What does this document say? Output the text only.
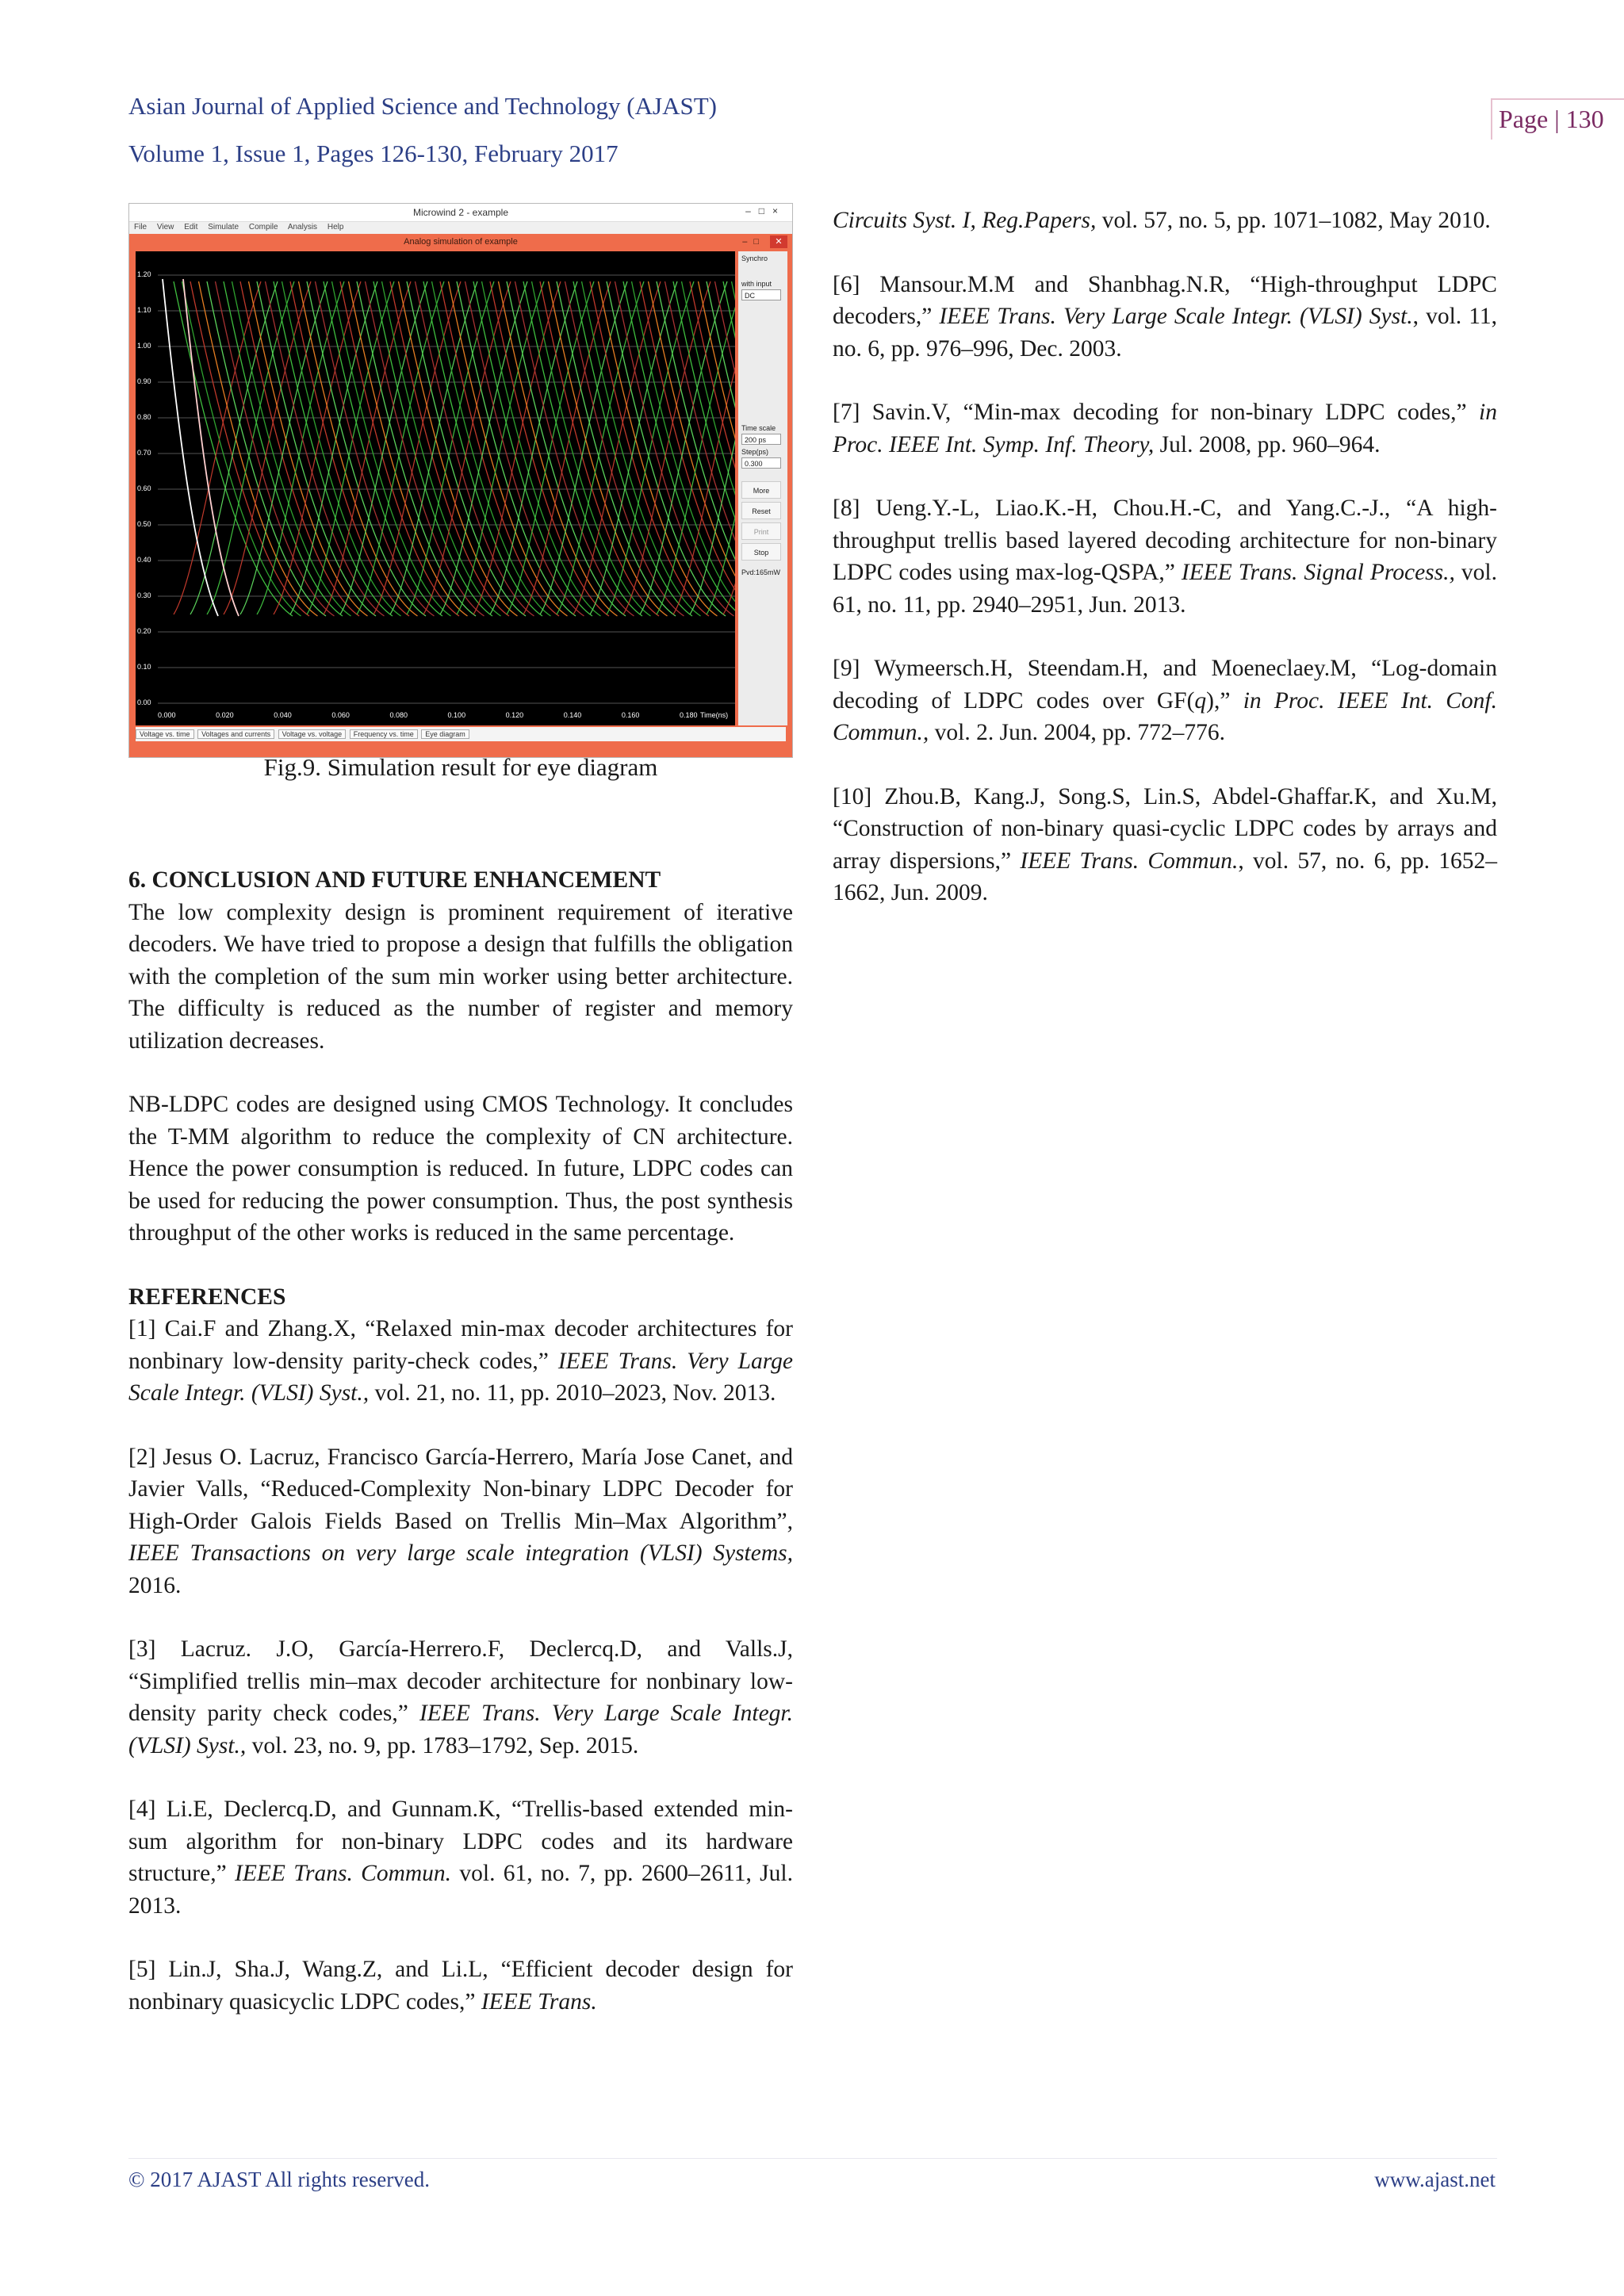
Asian Journal of Applied Science and Technology (AJAST)
Volume 1, Issue 1, Pages 126-130, February 2017
Page | 130
Microwind 2 - example	–□×
File View Edit Simulate Compile Analysis Help
Analog simulation of example	–□	✕
1.20
1.10
1.00
0.90
0.80
0.70
0.60
0.50
0.40
0.30
0.20
0.10
0.00
0.000	0.020	0.040	0.060	0.080	0.100	0.120	0.140	0.160	0.180 Time(ns)
Synchro
with input
DC
Time scale
200 ps
Step(ps)
0.300
More
Reset
Print
Stop
Pvd:165mW
Voltage vs. time Voltages and currents Voltage vs. voltage Frequency vs. time Eye diagram
Fig.9. Simulation result for eye diagram
6. CONCLUSION AND FUTURE ENHANCEMENT

The low complexity design is prominent requirement of iterative decoders. We have tried to propose a design that fulfills the obligation with the completion of the sum min worker using better architecture. The difficulty is reduced as the number of register and memory utilization decreases.

NB-LDPC codes are designed using CMOS Technology. It concludes the T-MM algorithm to reduce the complexity of CN architecture. Hence the power consumption is reduced. In future, LDPC codes can be used for reducing the power consumption. Thus, the post synthesis throughput of the other works is reduced in the same percentage.

REFERENCES

[1] Cai.F and Zhang.X, “Relaxed min-max decoder architectures for nonbinary low-density parity-check codes,” IEEE Trans. Very Large Scale Integr. (VLSI) Syst., vol. 21, no. 11, pp. 2010–2023, Nov. 2013.

[2] Jesus O. Lacruz, Francisco García-Herrero, María Jose Canet, and Javier Valls, “Reduced-Complexity Non-binary LDPC Decoder for High-Order Galois Fields Based on Trellis Min–Max Algorithm”, IEEE Transactions on very large scale integration (VLSI) Systems, 2016.

[3] Lacruz. J.O, García-Herrero.F, Declercq.D, and Valls.J, “Simplified trellis min–max decoder architecture for nonbinary low-density parity check codes,” IEEE Trans. Very Large Scale Integr. (VLSI) Syst., vol. 23, no. 9, pp. 1783–1792, Sep. 2015.

[4] Li.E, Declercq.D, and Gunnam.K, “Trellis-based extended min-sum algorithm for non-binary LDPC codes and its hardware structure,” IEEE Trans. Commun. vol. 61, no. 7, pp. 2600–2611, Jul. 2013.

[5] Lin.J, Sha.J, Wang.Z, and Li.L, “Efficient decoder design for nonbinary quasicyclic LDPC codes,” IEEE Trans.

Circuits Syst. I, Reg.Papers, vol. 57, no. 5, pp. 1071–1082, May 2010.

[6] Mansour.M.M and Shanbhag.N.R, “High-throughput LDPC decoders,” IEEE Trans. Very Large Scale Integr. (VLSI) Syst., vol. 11, no. 6, pp. 976–996, Dec. 2003.

[7] Savin.V, “Min-max decoding for non-binary LDPC codes,” in Proc. IEEE Int. Symp. Inf. Theory, Jul. 2008, pp. 960–964.

[8] Ueng.Y.-L, Liao.K.-H, Chou.H.-C, and Yang.C.-J., “A high-throughput trellis based layered decoding architecture for non-binary LDPC codes using max-log-QSPA,” IEEE Trans. Signal Process., vol. 61, no. 11, pp. 2940–2951, Jun. 2013.

[9] Wymeersch.H, Steendam.H, and Moeneclaey.M, “Log-domain decoding of LDPC codes over GF(q),” in Proc. IEEE Int. Conf. Commun., vol. 2. Jun. 2004, pp. 772–776.

[10] Zhou.B, Kang.J, Song.S, Lin.S, Abdel-Ghaffar.K, and Xu.M, “Construction of non-binary quasi-cyclic LDPC codes by arrays and array dispersions,” IEEE Trans. Commun., vol. 57, no. 6, pp. 1652–1662, Jun. 2009.

© 2017 AJAST All rights reserved.	www.ajast.net
